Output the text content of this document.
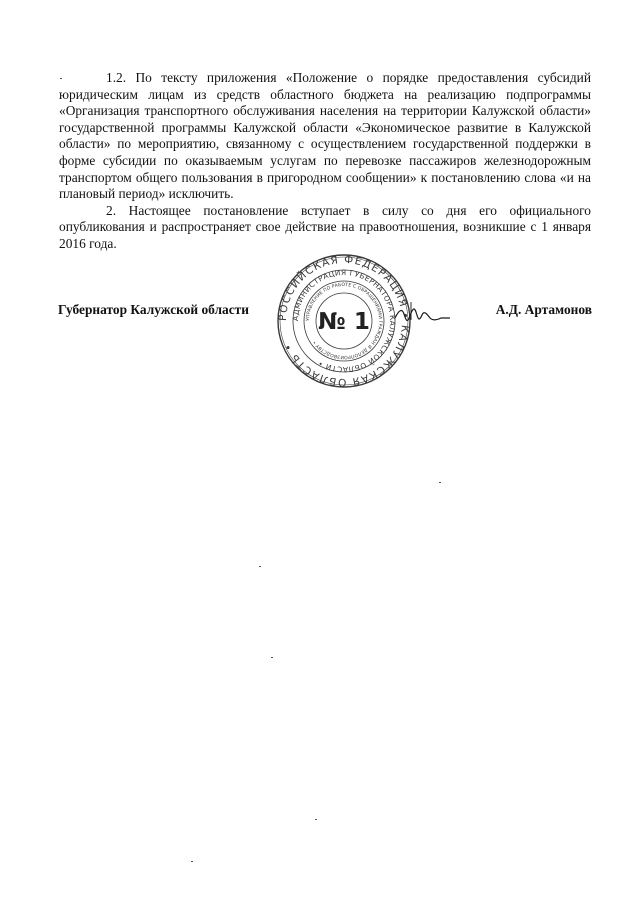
1.2. По тексту приложения «Положение о порядке предоставления субсидий юридическим лицам из средств областного бюджета на реализацию подпрограммы «Организация транспортного обслуживания населения на территории Калужской области» государственной программы Калужской области «Экономическое развитие в Калужской области» по мероприятию, связанному с осуществлением государственной поддержки в форме субсидии по оказываемым услугам по перевозке пассажиров железнодорожным транспортом общего пользования в пригородном сообщении» к постановлению слова «и на плановый период» исключить.

2. Настоящее постановление вступает в силу со дня его официального опубликования и распространяет свое действие на правоотношения, возникшие с 1 января 2016 года.

Губернатор Калужской области	А.Д. Артамонов
РОССИЙСКАЯ ФЕДЕРАЦИЯ • КАЛУЖСКАЯ ОБЛАСТЬ •
АДМИНИСТРАЦИЯ ГУБЕРНАТОРА КАЛУЖСКОЙ ОБЛАСТИ •
УПРАВЛЕНИЕ ПО РАБОТЕ С ОБРАЩЕНИЯМИ ГРАЖДАН И ДЕЛОПРОИЗВОДСТВУ •
№ 1
